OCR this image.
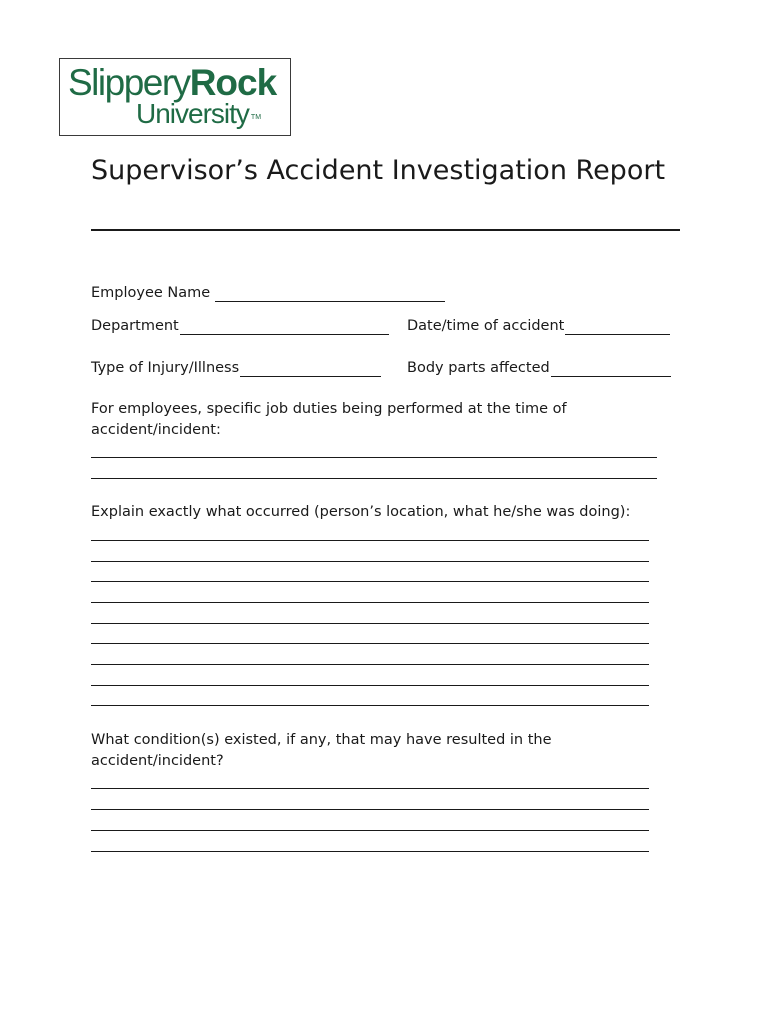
SlipperyRock
University ™
Supervisor’s Accident Investigation Report
Employee Name
Department	Date/time of accident
Type of Injury/Illness	Body parts affected

For employees, specific job duties being performed at the time of accident/incident:

Explain exactly what occurred (person’s location, what he/she was doing):

What condition(s) existed, if any, that may have resulted in the accident/incident?
